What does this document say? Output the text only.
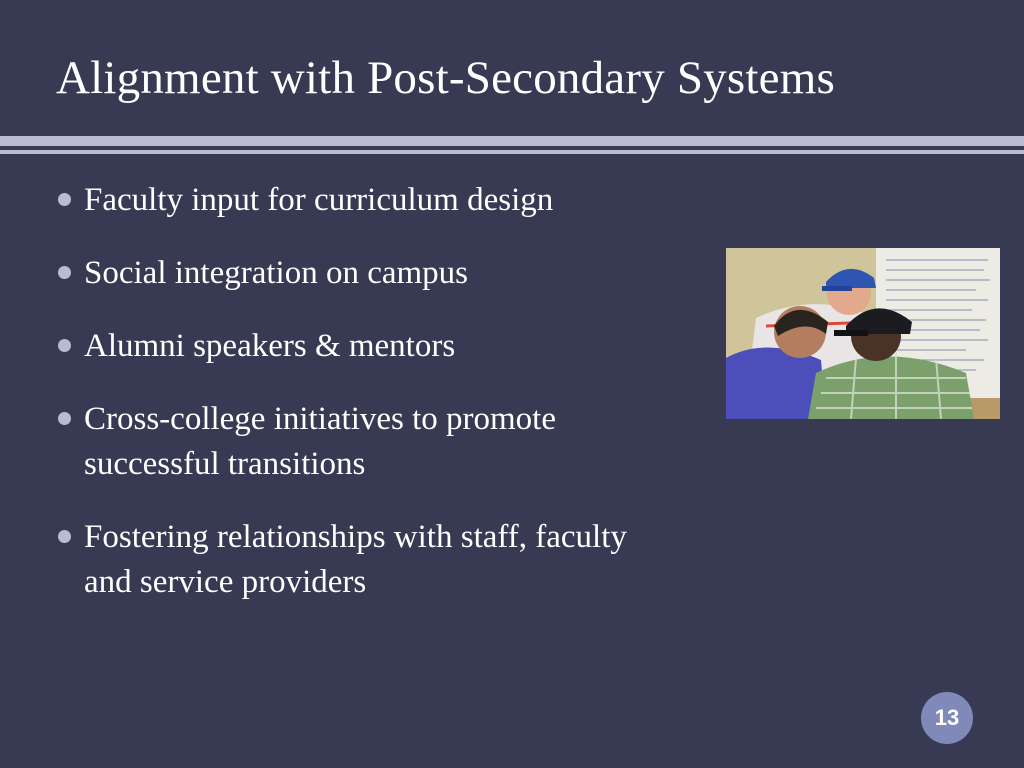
Alignment with Post-Secondary Systems
Faculty input for curriculum design
Social integration on campus
Alumni speakers & mentors
Cross-college initiatives to promote successful transitions
Fostering relationships with staff, faculty and service providers
13
